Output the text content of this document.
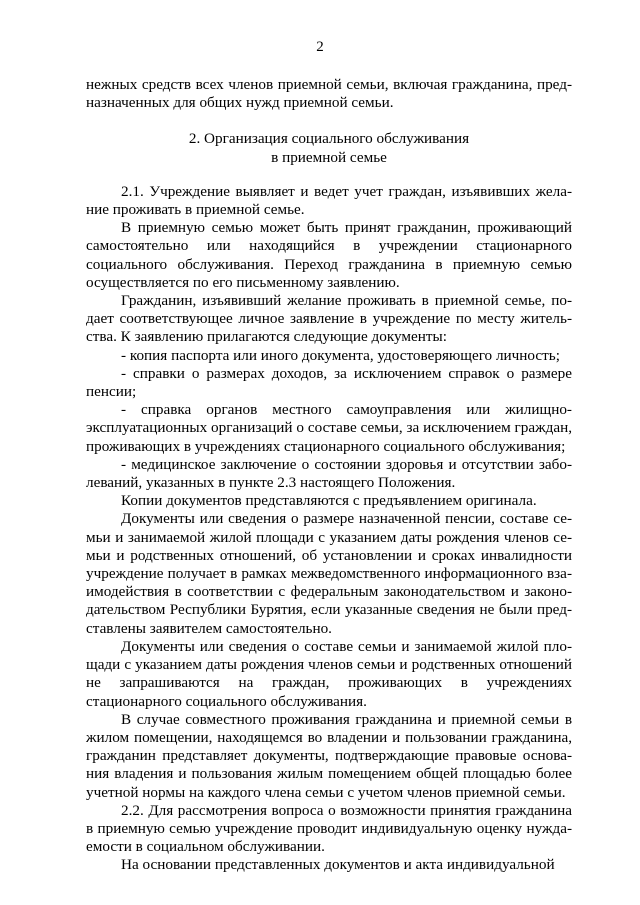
2

нежных средств всех членов приемной семьи, включая гражданина, предназначенных для общих нужд приемной семьи.

2. Организация социального обслуживания
в приемной семье

2.1. Учреждение выявляет и ведет учет граждан, изъявивших желание проживать в приемной семье.

В приемную семью может быть принят гражданин, проживающий самостоятельно или находящийся в учреждении стационарного социального обслуживания. Переход гражданина в приемную семью осуществляется по его письменному заявлению.

Гражданин, изъявивший желание проживать в приемной семье, подает соответствующее личное заявление в учреждение по месту жительства. К заявлению прилагаются следующие документы:

- копия паспорта или иного документа, удостоверяющего личность;

- справки о размерах доходов, за исключением справок о размере пенсии;

- справка органов местного самоуправления или жилищно-эксплуатационных организаций о составе семьи, за исключением граждан, проживающих в учреждениях стационарного социального обслуживания;

- медицинское заключение о состоянии здоровья и отсутствии заболеваний, указанных в пункте 2.3 настоящего Положения.

Копии документов представляются с предъявлением оригинала.

Документы или сведения о размере назначенной пенсии, составе семьи и занимаемой жилой площади с указанием даты рождения членов семьи и родственных отношений, об установлении и сроках инвалидности учреждение получает в рамках межведомственного информационного взаимодействия в соответствии с федеральным законодательством и законодательством Республики Бурятия, если указанные сведения не были представлены заявителем самостоятельно.

Документы или сведения о составе семьи и занимаемой жилой площади с указанием даты рождения членов семьи и родственных отношений не запрашиваются на граждан, проживающих в учреждениях стационарного социального обслуживания.

В случае совместного проживания гражданина и приемной семьи в жилом помещении, находящемся во владении и пользовании гражданина, гражданин представляет документы, подтверждающие правовые основания владения и пользования жилым помещением общей площадью более учетной нормы на каждого члена семьи с учетом членов приемной семьи.

2.2. Для рассмотрения вопроса о возможности принятия гражданина в приемную семью учреждение проводит индивидуальную оценку нуждаемости в социальном обслуживании.

На основании представленных документов и акта индивидуальной
